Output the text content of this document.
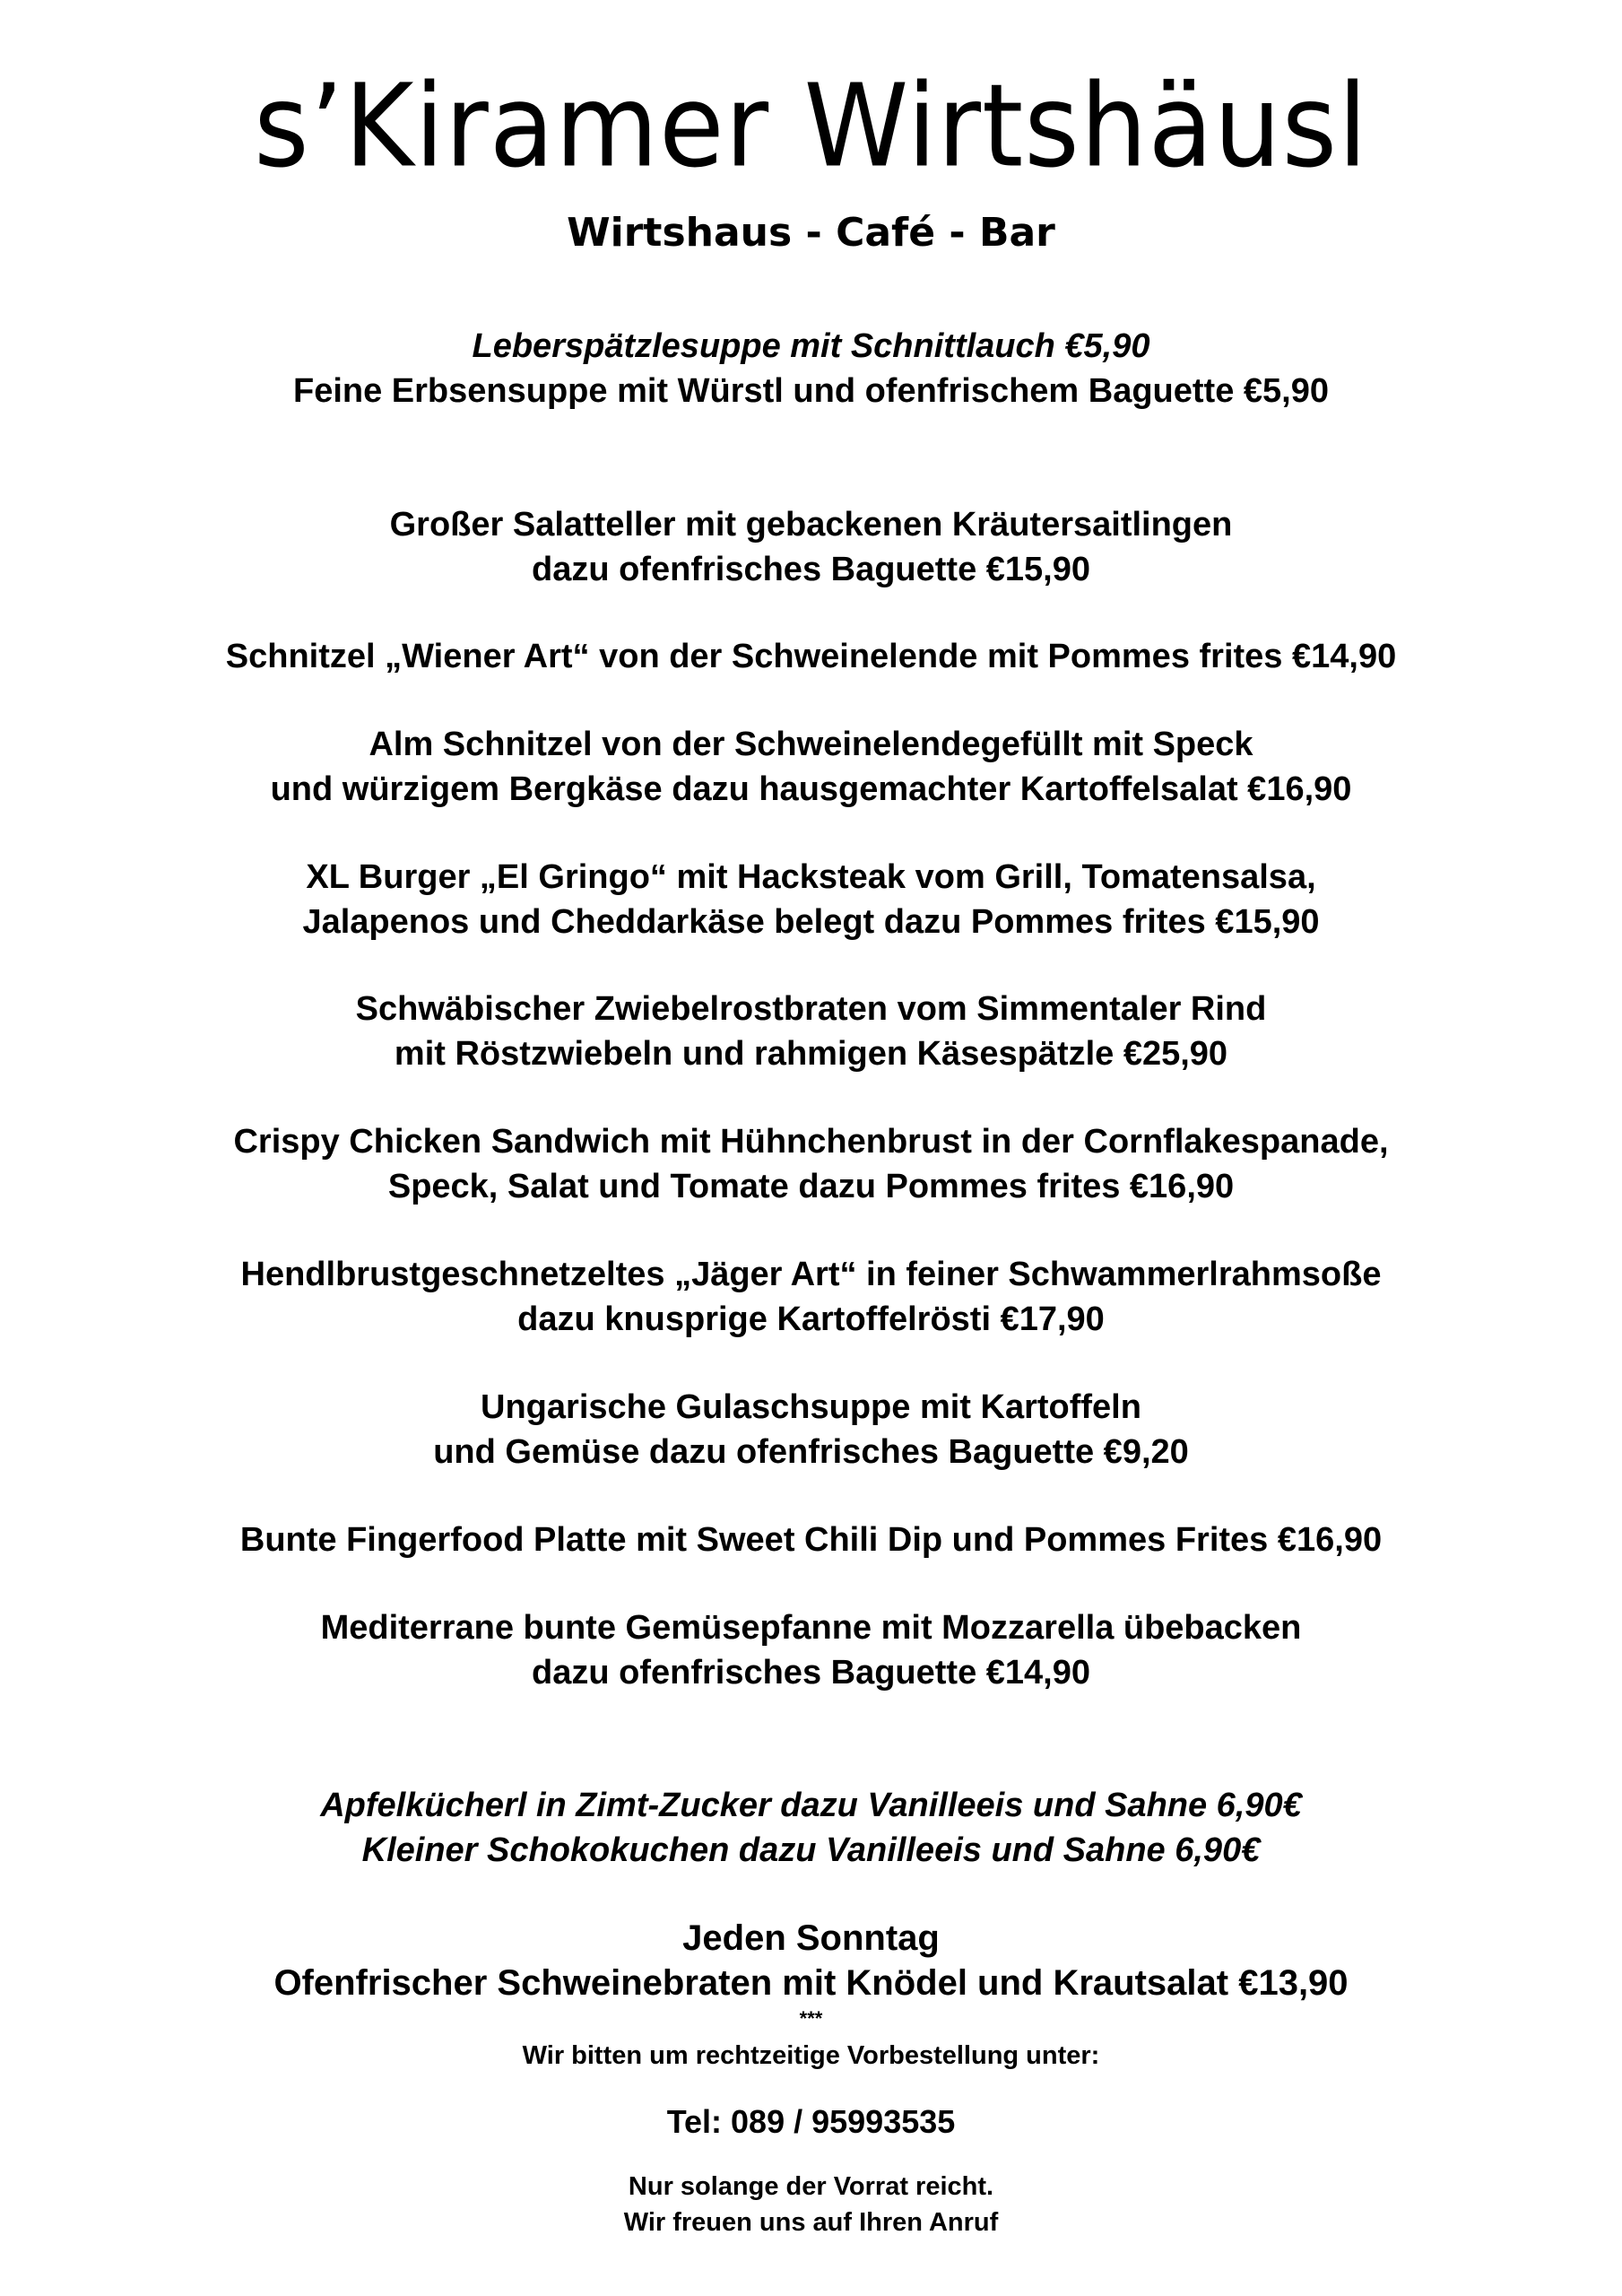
s’Kiramer Wirtshäusl
Wirtshaus - Café - Bar
Leberspätzlesuppe mit Schnittlauch €5,90
Feine Erbsensuppe mit Würstl und ofenfrischem Baguette €5,90
Großer Salatteller mit gebackenen Kräutersaitlingen
dazu ofenfrisches Baguette €15,90
Schnitzel „Wiener Art“ von der Schweinelende mit Pommes frites €14,90
Alm Schnitzel von der Schweinelendegefüllt mit Speck
und würzigem Bergkäse dazu hausgemachter Kartoffelsalat €16,90
XL Burger „El Gringo“ mit Hacksteak vom Grill, Tomatensalsa,
Jalapenos und Cheddarkäse belegt dazu Pommes frites €15,90
Schwäbischer Zwiebelrostbraten vom Simmentaler Rind
mit Röstzwiebeln und rahmigen Käsespätzle €25,90
Crispy Chicken Sandwich mit Hühnchenbrust in der Cornflakespanade,
Speck, Salat und Tomate dazu Pommes frites €16,90
Hendlbrustgeschnetzeltes „Jäger Art“ in feiner Schwammerlrahmsoße
dazu knusprige Kartoffelrösti €17,90
Ungarische Gulaschsuppe mit Kartoffeln
und Gemüse dazu ofenfrisches Baguette €9,20
Bunte Fingerfood Platte mit Sweet Chili Dip und Pommes Frites €16,90
Mediterrane bunte Gemüsepfanne mit Mozzarella übebacken
dazu ofenfrisches Baguette €14,90
Apfelkücherl in Zimt-Zucker dazu Vanilleeis und Sahne 6,90€
Kleiner Schokokuchen dazu Vanilleeis und Sahne 6,90€
Jeden Sonntag
Ofenfrischer Schweinebraten mit Knödel und Krautsalat €13,90
***
Wir bitten um rechtzeitige Vorbestellung unter:
Tel: 089 / 95993535
Nur solange der Vorrat reicht.
Wir freuen uns auf Ihren Anruf
